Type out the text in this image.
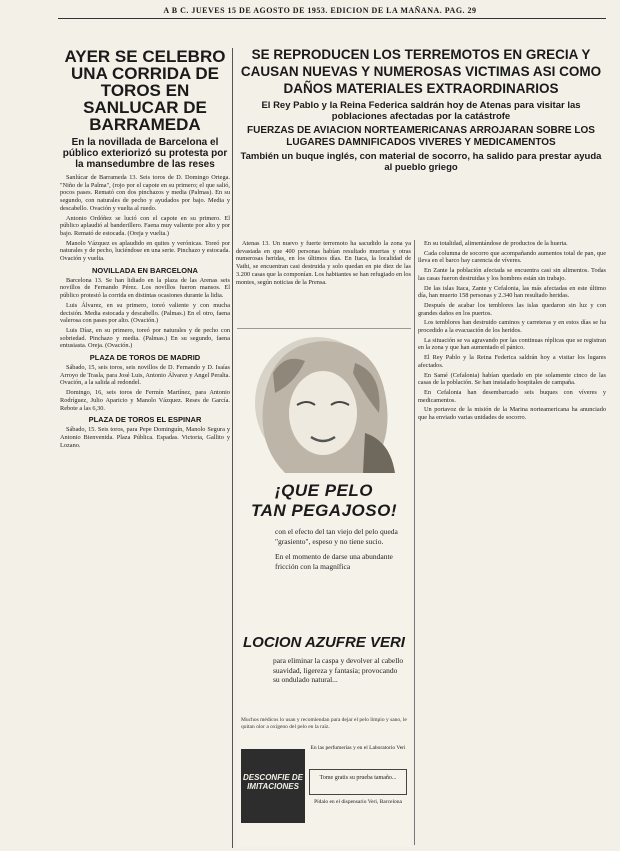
A B C. JUEVES 15 DE AGOSTO DE 1953. EDICION DE LA MAÑANA. PAG. 29
AYER SE CELEBRO UNA CORRIDA DE TOROS EN SANLUCAR DE BARRAMEDA
En la novillada de Barcelona el público exteriorizó su protesta por la mansedumbre de las reses

Sanlúcar de Barrameda 13. Seis toros de D. Domingo Ortega. "Niño de la Palma", (rojo por el capote en su primero; el que salió, pocos pases. Remató con dos pinchazos y media (Palmas). En su segundo, con naturales de pecho y ayudados por bajo. Media y descabello. Ovación y vuelta al ruedo.

Antonio Ordóñez se lució con el capote en su primero. El público aplaudió al banderillero. Faena muy valiente por alto y por bajo. Remató de estocada. (Oreja y vuelta.)

Manolo Vázquez es aplaudido en quites y verónicas. Toreó por naturales y de pecho, luciéndose en una serie. Pinchazo y estocada. Ovación y vuelta.

NOVILLADA EN BARCELONA

Barcelona 13. Se han lidiado en la plaza de las Arenas seis novillos de Fernando Pérez. Los novillos fueron mansos. El público protestó la corrida en distintas ocasiones durante la lidia.

Luis Álvarez, en su primero, toreó valiente y con mucha decisión. Media estocada y descabello. (Palmas.) En el otro, faena valerosa con pases por alto. (Ovación.)

Luis Díaz, en su primero, toreó por naturales y de pecho con sobriedad. Pinchazo y media. (Palmas.) En su segundo, faena entusiasta. Oreja. (Ovación.)

PLAZA DE TOROS DE MADRID

Sábado, 15, seis toros, seis novillos de D. Fernando y D. Isaías Arroyo de Trasla, para José Luis, Antonio Álvarez y Angel Peralta. Ovación, a la salida al redondel.

Domingo, 16, seis toros de Fermín Martínez, para Antonio Rodríguez, Julio Aparicio y Manolo Vázquez. Reses de García. Rebote a las 6,30.

PLAZA DE TOROS EL ESPINAR

Sábado, 15. Seis toros, para Pepe Dominguín, Manolo Segura y Antonio Bienvenida. Plaza Pública. Espadas. Victoria, Gallito y Lozano.

SE REPRODUCEN LOS TERREMOTOS EN GRECIA Y CAUSAN NUEVAS Y NUMEROSAS VICTIMAS ASI COMO DAÑOS MATERIALES EXTRAORDINARIOS
El Rey Pablo y la Reina Federica saldrán hoy de Atenas para visitar las poblaciones afectadas por la catástrofe
FUERZAS DE AVIACION NORTEAMERICANAS ARROJARAN SOBRE LOS LUGARES DAMNIFICADOS VIVERES Y MEDICAMENTOS
También un buque inglés, con material de socorro, ha salido para prestar ayuda al pueblo griego

Atenas 13. Un nuevo y fuerte terremoto ha sacudido la zona ya devastada en que 400 personas habían resultado muertas y otras numerosas heridas, en los últimos días. En Itaca, la localidad de Vathi, se encuentran casi destruida y solo quedan en pie diez de las 3.200 casas que la componían. Los habitantes se han refugiado en los montes, según noticias de la Prensa.

En su totalidad, alimentándose de productos de la huerta.

Cada columna de socorro que acompañando aumentos total de pan, que lleva en el barco hay carencia de víveres.

En Zante la población afectada se encuentra casi sin alimentos. Todas las casas fueron destruidas y los hombres están sin trabajo.

De las islas Itaca, Zante y Cefalonia, las más afectadas en este último día, han muerto 158 personas y 2.340 han resultado heridas.

Después de acabar los temblores las islas quedaron sin luz y con grandes daños en los puertos.

Los temblores han destruido caminos y carreteras y en estos días se ha procedido a la evacuación de los heridos.

La situación se va agravando por las continuas réplicas que se registran en la zona y que han aumentado el pánico.

El Rey Pablo y la Reina Federica saldrán hoy a visitar los lugares afectados.

En Samé (Cefalonia) habían quedado en pie solamente cinco de las casas de la población. Se han instalado hospitales de campaña.

En Cefalonia han desembarcado seis buques con víveres y medicamentos.

Un portavoz de la misión de la Marina norteamericana ha anunciado que ha enviado varias unidades de socorro.

¡QUE PELO
TAN PEGAJOSO!
con el efecto del tan viejo del pelo queda "grasiento", espeso y no tiene sucio.
En el momento de darse una abundante fricción con la magnífica
LOCION AZUFRE VERI
para eliminar la caspa y devolver al cabello suavidad, ligereza y fantasía; provocando su ondulado natural...
Muchos médicos lo usan y recomiendan para dejar el pelo limpio y sano, le quitan olor a oxígeno del pelo en la raíz.
DESCONFIE DE IMITACIONES
En las perfumerías y en el Laboratorio Veri
Tome gratis su prueba tamaño...
Pídalo en el dispensario Veri, Barcelona
